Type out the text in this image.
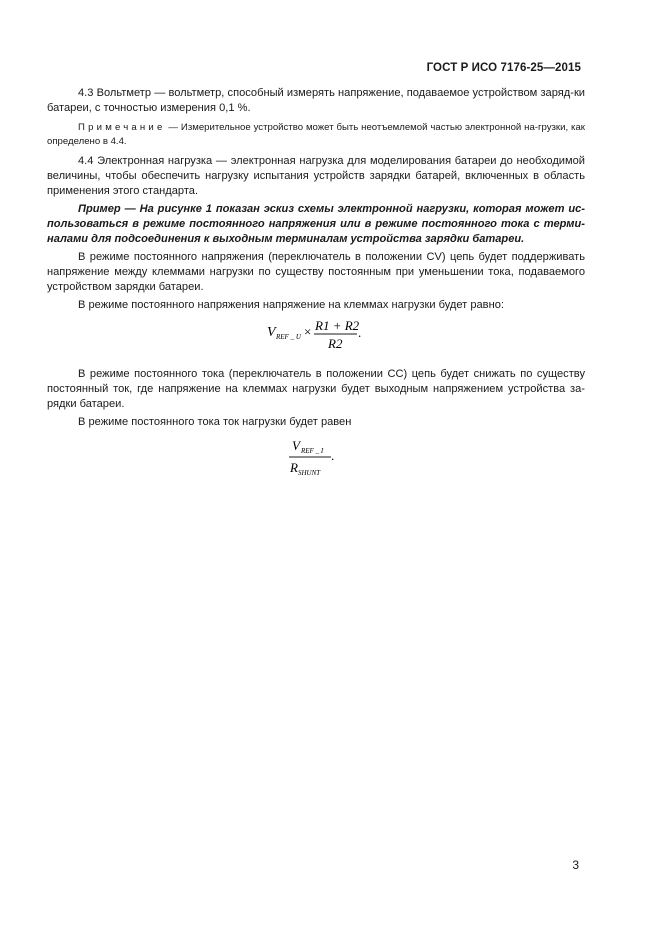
ГОСТ Р ИСО 7176-25—2015

4.3 Вольтметр — вольтметр, способный измерять напряжение, подаваемое устройством заряд-ки батареи, с точностью измерения 0,1 %.

Примечание — Измерительное устройство может быть неотъемлемой частью электронной на-грузки, как определено в 4.4.

4.4 Электронная нагрузка — электронная нагрузка для моделирования батареи до необходимой величины, чтобы обеспечить нагрузку испытания устройств зарядки батарей, включенных в область применения этого стандарта.

Пример — На рисунке 1 показан эскиз схемы электронной нагрузки, которая может ис-пользоваться в режиме постоянного напряжения или в режиме постоянного тока с терми-налами для подсоединения к выходным терминалам устройства зарядки батареи.

В режиме постоянного напряжения (переключатель в положении CV) цепь будет поддерживать напряжение между клеммами нагрузки по существу постоянным при уменьшении тока, подаваемого устройством зарядки батареи.

В режиме постоянного напряжения напряжение на клеммах нагрузки будет равно:

V REF _ U × R1 + R2
R2
.

В режиме постоянного тока (переключатель в положении CC) цепь будет снижать по существу постоянный ток, где напряжение на клеммах нагрузки будет выходным напряжением устройства за-рядки батареи.

В режиме постоянного тока ток нагрузки будет равен

V REF _ I
R SHUNT
.
3
